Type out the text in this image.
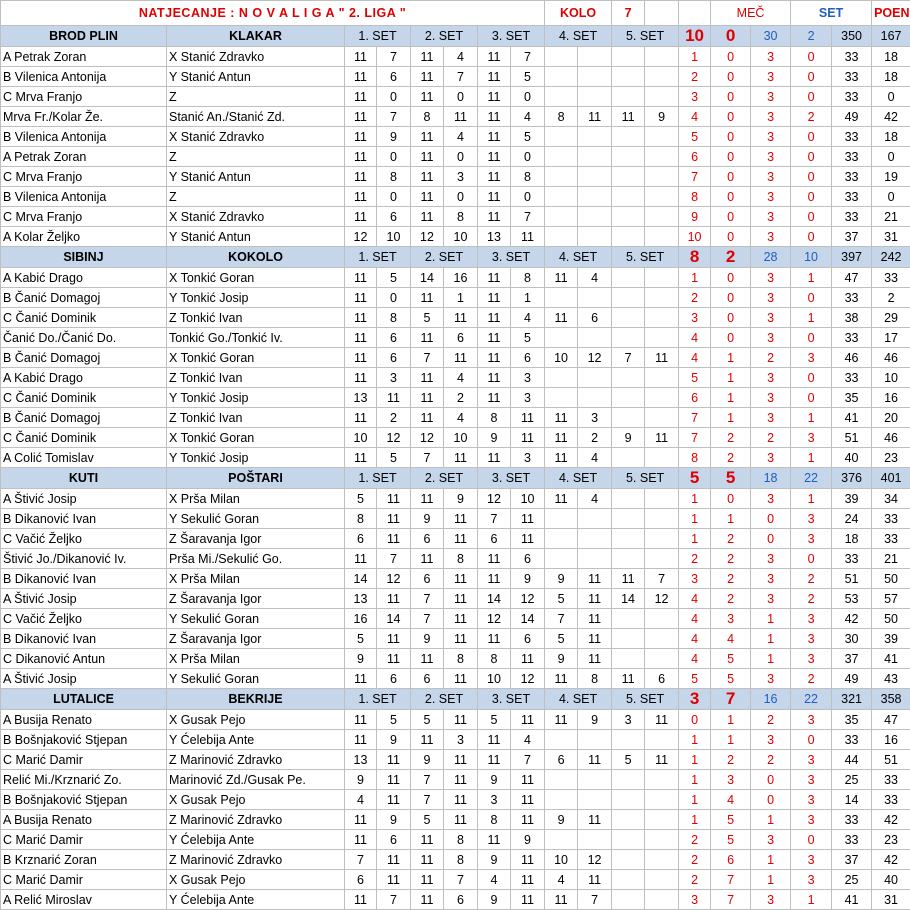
NATJECANJE : N O V A L I G A " 2. LIGA "								KOLO		7			MEČ		SET		POEN
BROD PLIN	KLAKAR	1. SET		2. SET		3. SET		4. SET		5. SET		10	0	30	2	350	167
A Petrak Zoran	X Stanić Zdravko	11	7	11	4	11	7					1	0	3	0	33	18
B Vilenica Antonija	Y Stanić Antun	11	6	11	7	11	5					2	0	3	0	33	18
C Mrva Franjo	Z	11	0	11	0	11	0					3	0	3	0	33	0
Mrva Fr./Kolar Že.	Stanić An./Stanić Zd.	11	7	8	11	11	4	8	11	11	9	4	0	3	2	49	42
B Vilenica Antonija	X Stanić Zdravko	11	9	11	4	11	5					5	0	3	0	33	18
A Petrak Zoran	Z	11	0	11	0	11	0					6	0	3	0	33	0
C Mrva Franjo	Y Stanić Antun	11	8	11	3	11	8					7	0	3	0	33	19
B Vilenica Antonija	Z	11	0	11	0	11	0					8	0	3	0	33	0
C Mrva Franjo	X Stanić Zdravko	11	6	11	8	11	7					9	0	3	0	33	21
A Kolar Željko	Y Stanić Antun	12	10	12	10	13	11					10	0	3	0	37	31
SIBINJ	KOKOLO	1. SET		2. SET		3. SET		4. SET		5. SET		8	2	28	10	397	242
A Kabić Drago	X Tonkić Goran	11	5	14	16	11	8	11	4			1	0	3	1	47	33
B Čanić Domagoj	Y Tonkić Josip	11	0	11	1	11	1					2	0	3	0	33	2
C Čanić Dominik	Z Tonkić Ivan	11	8	5	11	11	4	11	6			3	0	3	1	38	29
Čanić Do./Čanić Do.	Tonkić Go./Tonkić Iv.	11	6	11	6	11	5					4	0	3	0	33	17
B Čanić Domagoj	X Tonkić Goran	11	6	7	11	11	6	10	12	7	11	4	1	2	3	46	46
A Kabić Drago	Z Tonkić Ivan	11	3	11	4	11	3					5	1	3	0	33	10
C Čanić Dominik	Y Tonkić Josip	13	11	11	2	11	3					6	1	3	0	35	16
B Čanić Domagoj	Z Tonkić Ivan	11	2	11	4	8	11	11	3			7	1	3	1	41	20
C Čanić Dominik	X Tonkić Goran	10	12	12	10	9	11	11	2	9	11	7	2	2	3	51	46
A Colić Tomislav	Y Tonkić Josip	11	5	7	11	11	3	11	4			8	2	3	1	40	23
KUTI	POŠTARI	1. SET		2. SET		3. SET		4. SET		5. SET		5	5	18	22	376	401
A Štivić Josip	X Prša Milan	5	11	11	9	12	10	11	4			1	0	3	1	39	34
B Dikanović Ivan	Y Sekulić Goran	8	11	9	11	7	11					1	1	0	3	24	33
C Vačić Željko	Z Šaravanja Igor	6	11	6	11	6	11					1	2	0	3	18	33
Štivić Jo./Dikanović Iv.	Prša Mi./Sekulić Go.	11	7	11	8	11	6					2	2	3	0	33	21
B Dikanović Ivan	X Prša Milan	14	12	6	11	11	9	9	11	11	7	3	2	3	2	51	50
A Štivić Josip	Z Šaravanja Igor	13	11	7	11	14	12	5	11	14	12	4	2	3	2	53	57
C Vačić Željko	Y Sekulić Goran	16	14	7	11	12	14	7	11			4	3	1	3	42	50
B Dikanović Ivan	Z Šaravanja Igor	5	11	9	11	11	6	5	11			4	4	1	3	30	39
C Dikanović Antun	X Prša Milan	9	11	11	8	8	11	9	11			4	5	1	3	37	41
A Štivić Josip	Y Sekulić Goran	11	6	6	11	10	12	11	8	11	6	5	5	3	2	49	43
LUTALICE	BEKRIJE	1. SET		2. SET		3. SET		4. SET		5. SET		3	7	16	22	321	358
A Busija Renato	X Gusak Pejo	11	5	5	11	5	11	11	9	3	11	0	1	2	3	35	47
B Bošnjaković Stjepan	Y Ćelebija Ante	11	9	11	3	11	4					1	1	3	0	33	16
C Marić Damir	Z Marinović Zdravko	13	11	9	11	11	7	6	11	5	11	1	2	2	3	44	51
Relić Mi./Krznarić Zo.	Marinović Zd./Gusak Pe.	9	11	7	11	9	11					1	3	0	3	25	33
B Bošnjaković Stjepan	X Gusak Pejo	4	11	7	11	3	11					1	4	0	3	14	33
A Busija Renato	Z Marinović Zdravko	11	9	5	11	8	11	9	11			1	5	1	3	33	42
C Marić Damir	Y Ćelebija Ante	11	6	11	8	11	9					2	5	3	0	33	23
B Krznarić Zoran	Z Marinović Zdravko	7	11	11	8	9	11	10	12			2	6	1	3	37	42
C Marić Damir	X Gusak Pejo	6	11	11	7	4	11	4	11			2	7	1	3	25	40
A Relić Miroslav	Y Ćelebija Ante	11	7	11	6	9	11	11	7			3	7	3	1	41	31
